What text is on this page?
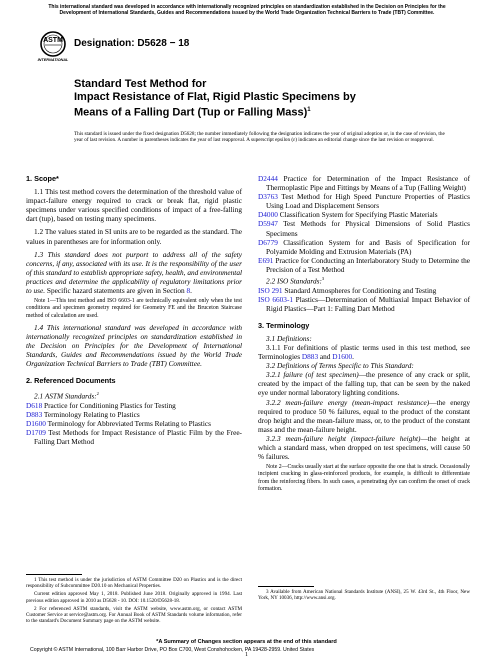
This international standard was developed in accordance with internationally recognized principles on standardization established in the Decision on Principles for the Development of International Standards, Guides and Recommendations issued by the World Trade Organization Technical Barriers to Trade (TBT) Committee.
ASTM
INTERNATIONAL
Designation: D5628 − 18
Standard Test Method for
Impact Resistance of Flat, Rigid Plastic Specimens by
Means of a Falling Dart (Tup or Falling Mass)$^1$
This standard is issued under the fixed designation D5628; the number immediately following the designation indicates the year of original adoption or, in the case of revision, the year of last revision. A number in parentheses indicates the year of last reapproval. A superscript epsilon (ε) indicates an editorial change since the last revision or reapproval.

1. Scope*

1.1 This test method covers the determination of the threshold value of impact-failure energy required to crack or break flat, rigid plastic specimens under various specified conditions of impact of a free-falling dart (tup), based on testing many specimens.

1.2 The values stated in SI units are to be regarded as the standard. The values in parentheses are for information only.

1.3 This standard does not purport to address all of the safety concerns, if any, associated with its use. It is the responsibility of the user of this standard to establish appropriate safety, health, and environmental practices and determine the applicability of regulatory limitations prior to use. Specific hazard statements are given in Section 8.

Note 1—This test method and ISO 6603-1 are technically equivalent only when the test conditions and specimen geometry required for Geometry FE and the Bruceton Staircase method of calculation are used.

1.4 This international standard was developed in accordance with internationally recognized principles on standardization established in the Decision on Principles for the Development of International Standards, Guides and Recommendations issued by the World Trade Organization Technical Barriers to Trade (TBT) Committee.

2. Referenced Documents

2.1 ASTM Standards:$^2$

D618 Practice for Conditioning Plastics for Testing

D883 Terminology Relating to Plastics

D1600 Terminology for Abbreviated Terms Relating to Plastics

D1709 Test Methods for Impact Resistance of Plastic Film by the Free-Falling Dart Method

D2444 Practice for Determination of the Impact Resistance of Thermoplastic Pipe and Fittings by Means of a Tup (Falling Weight)

D3763 Test Method for High Speed Puncture Properties of Plastics Using Load and Displacement Sensors

D4000 Classification System for Specifying Plastic Materials

D5947 Test Methods for Physical Dimensions of Solid Plastics Specimens

D6779 Classification System for and Basis of Specification for Polyamide Molding and Extrusion Materials (PA)

E691 Practice for Conducting an Interlaboratory Study to Determine the Precision of a Test Method

2.2 ISO Standards:$^3$

ISO 291 Standard Atmospheres for Conditioning and Testing

ISO 6603-1 Plastics—Determination of Multiaxial Impact Behavior of Rigid Plastics—Part 1: Falling Dart Method

3. Terminology

3.1 Definitions:

3.1.1 For definitions of plastic terms used in this test method, see Terminologies D883 and D1600.

3.2 Definitions of Terms Specific to This Standard:

3.2.1 failure (of test specimen)—the presence of any crack or split, created by the impact of the falling tup, that can be seen by the naked eye under normal laboratory lighting conditions.

3.2.2 mean-failure energy (mean-impact resistance)—the energy required to produce 50 % failures, equal to the product of the constant drop height and the mean-failure mass, or, to the product of the constant mass and the mean-failure height.

3.2.3 mean-failure height (impact-failure height)—the height at which a standard mass, when dropped on test specimens, will cause 50 % failures.

Note 2—Cracks usually start at the surface opposite the one that is struck. Occasionally incipient cracking in glass-reinforced products, for example, is difficult to differentiate from the reinforcing fibers. In such cases, a penetrating dye can confirm the onset of crack formation.

1 This test method is under the jurisdiction of ASTM Committee D20 on Plastics and is the direct responsibility of Subcommittee D20.10 on Mechanical Properties.

Current edition approved May 1, 2018. Published June 2018. Originally approved in 1994. Last previous edition approved in 2010 as D5628 - 10. DOI: 10.1520/D5628-18.

2 For referenced ASTM standards, visit the ASTM website, www.astm.org, or contact ASTM Customer Service at service@astm.org. For Annual Book of ASTM Standards volume information, refer to the standard's Document Summary page on the ASTM website.

3 Available from American National Standards Institute (ANSI), 25 W. 43rd St., 4th Floor, New York, NY 10036, http://www.ansi.org.

*A Summary of Changes section appears at the end of this standard
Copyright © ASTM International, 100 Barr Harbor Drive, PO Box C700, West Conshohocken, PA 19428-2959. United States
1
